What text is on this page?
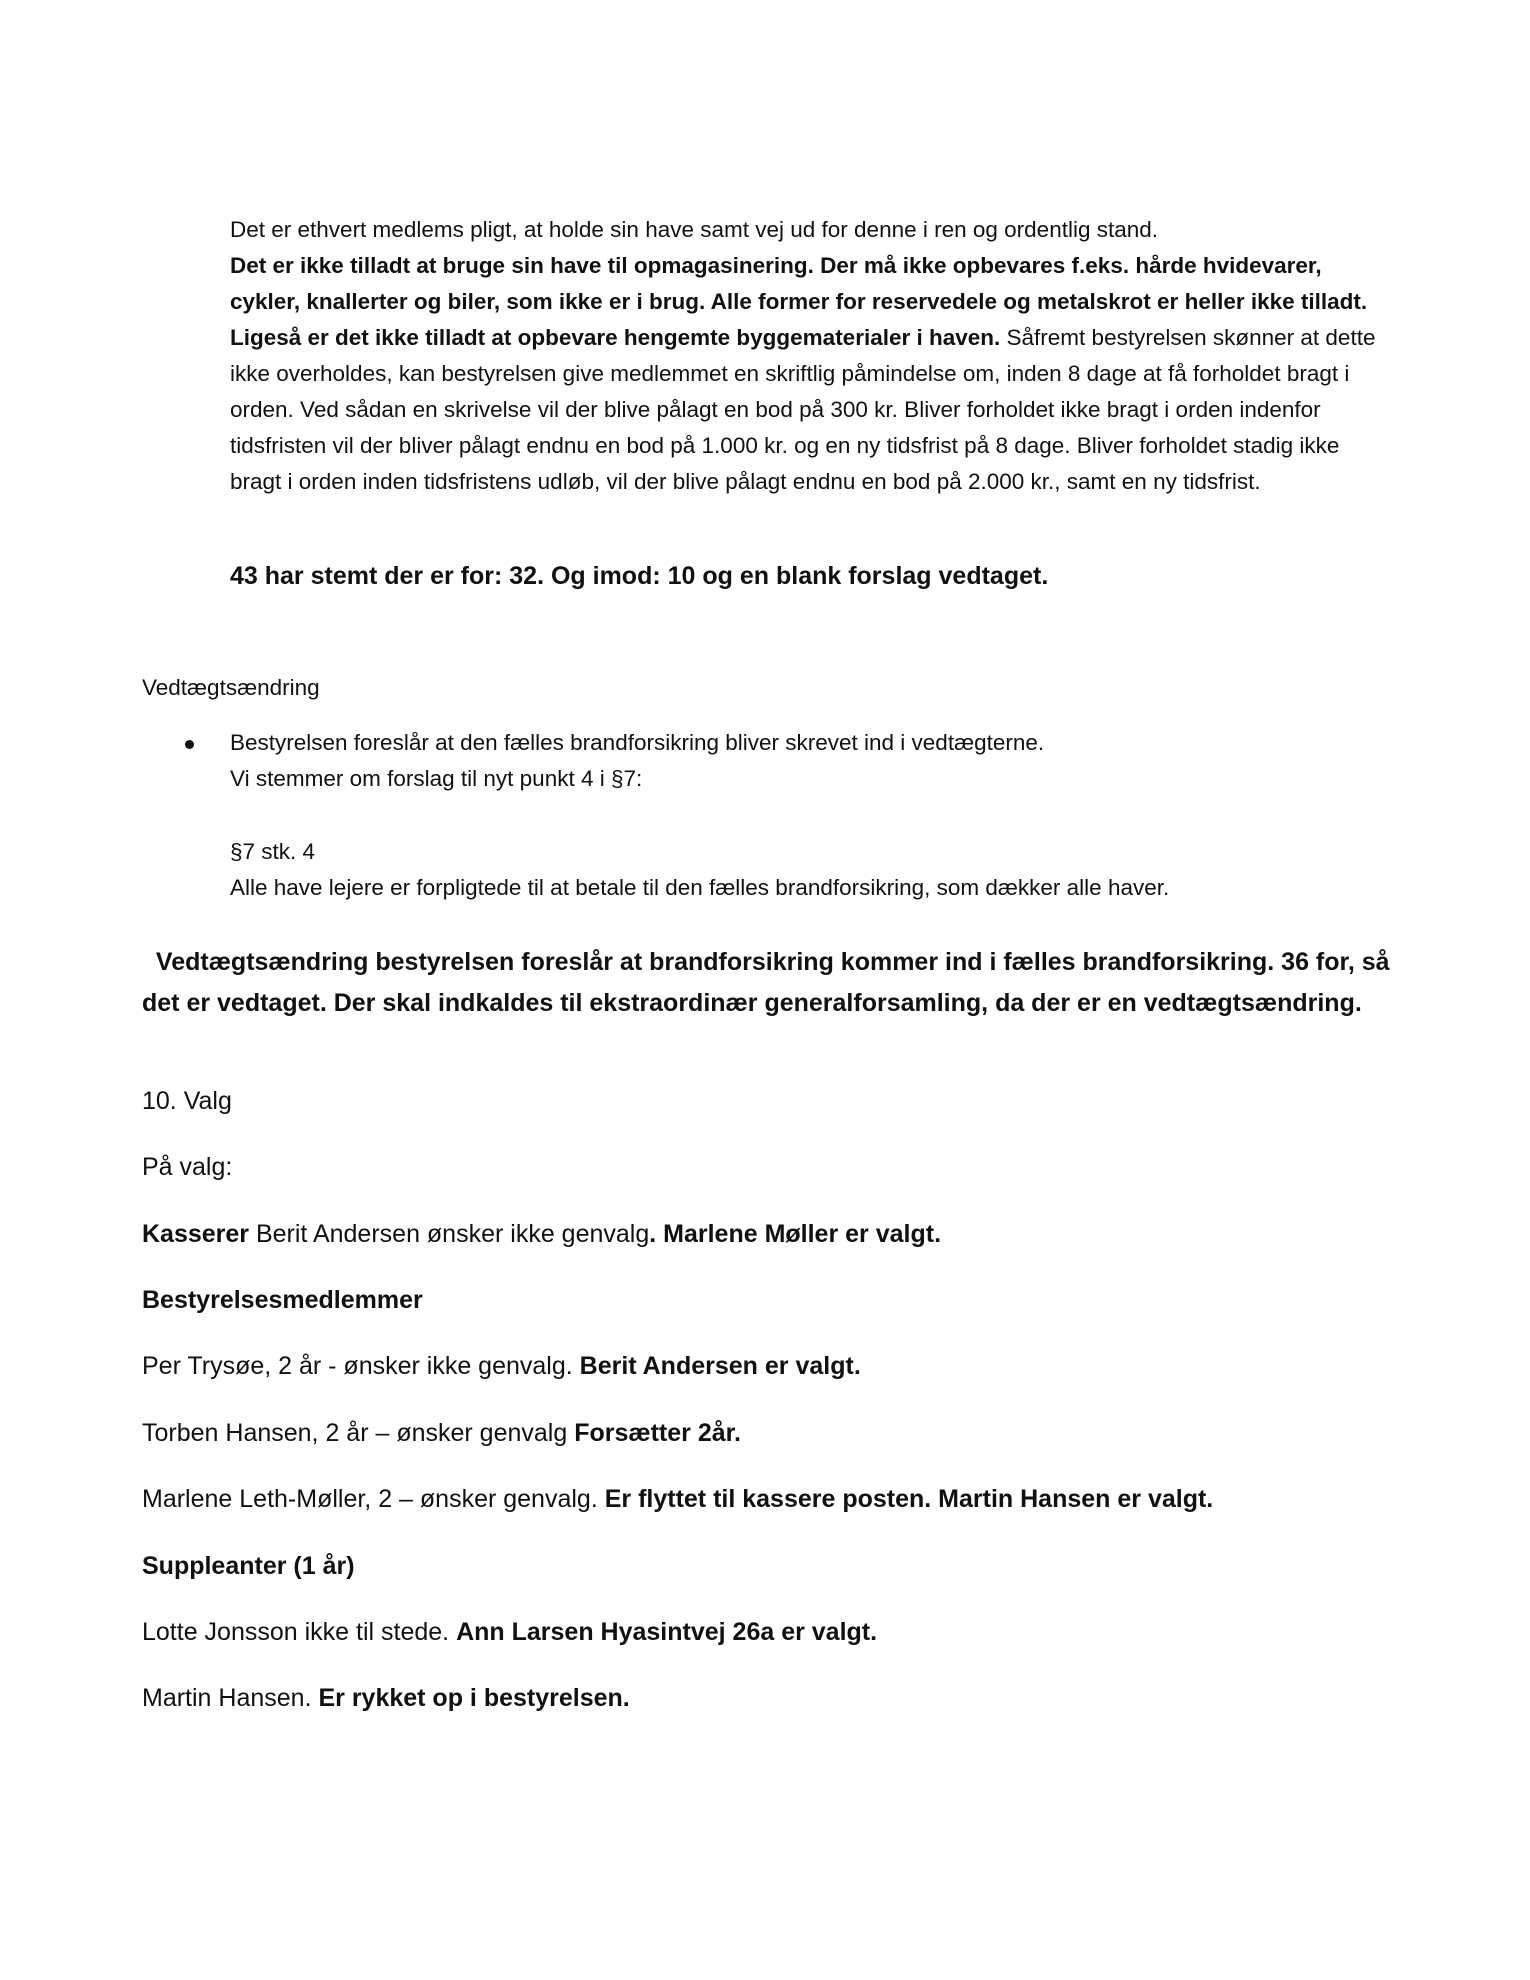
Det er ethvert medlems pligt, at holde sin have samt vej ud for denne i ren og ordentlig stand.
Det er ikke tilladt at bruge sin have til opmagasinering. Der må ikke opbevares f.eks. hårde hvidevarer, cykler, knallerter og biler, som ikke er i brug. Alle former for reservedele og metalskrot er heller ikke tilladt. Ligeså er det ikke tilladt at opbevare hengemte byggematerialer i haven. Såfremt bestyrelsen skønner at dette ikke overholdes, kan bestyrelsen give medlemmet en skriftlig påmindelse om, inden 8 dage at få forholdet bragt i orden. Ved sådan en skrivelse vil der blive pålagt en bod på 300 kr. Bliver forholdet ikke bragt i orden indenfor tidsfristen vil der bliver pålagt endnu en bod på 1.000 kr. og en ny tidsfrist på 8 dage. Bliver forholdet stadig ikke bragt i orden inden tidsfristens udløb, vil der blive pålagt endnu en bod på 2.000 kr., samt en ny tidsfrist.

43 har stemt der er for: 32. Og imod: 10 og en blank forslag vedtaget.

Vedtægtsændring

Bestyrelsen foreslår at den fælles brandforsikring bliver skrevet ind i vedtægterne.
Vi stemmer om forslag til nyt punkt 4 i §7:
§7 stk. 4
Alle have lejere er forpligtede til at betale til den fælles brandforsikring, som dækker alle haver.

Vedtægtsændring bestyrelsen foreslår at brandforsikring kommer ind i fælles brandforsikring. 36 for, så det er vedtaget. Der skal indkaldes til ekstraordinær generalforsamling, da der er en vedtægtsændring.

10. Valg

På valg:

Kasserer Berit Andersen ønsker ikke genvalg. Marlene Møller er valgt.

Bestyrelsesmedlemmer

Per Trysøe, 2 år - ønsker ikke genvalg. Berit Andersen er valgt.

Torben Hansen, 2 år – ønsker genvalg Forsætter 2år.

Marlene Leth-Møller, 2 – ønsker genvalg. Er flyttet til kassere posten. Martin Hansen er valgt.

Suppleanter (1 år)

Lotte Jonsson ikke til stede. Ann Larsen Hyasintvej 26a er valgt.

Martin Hansen. Er rykket op i bestyrelsen.
